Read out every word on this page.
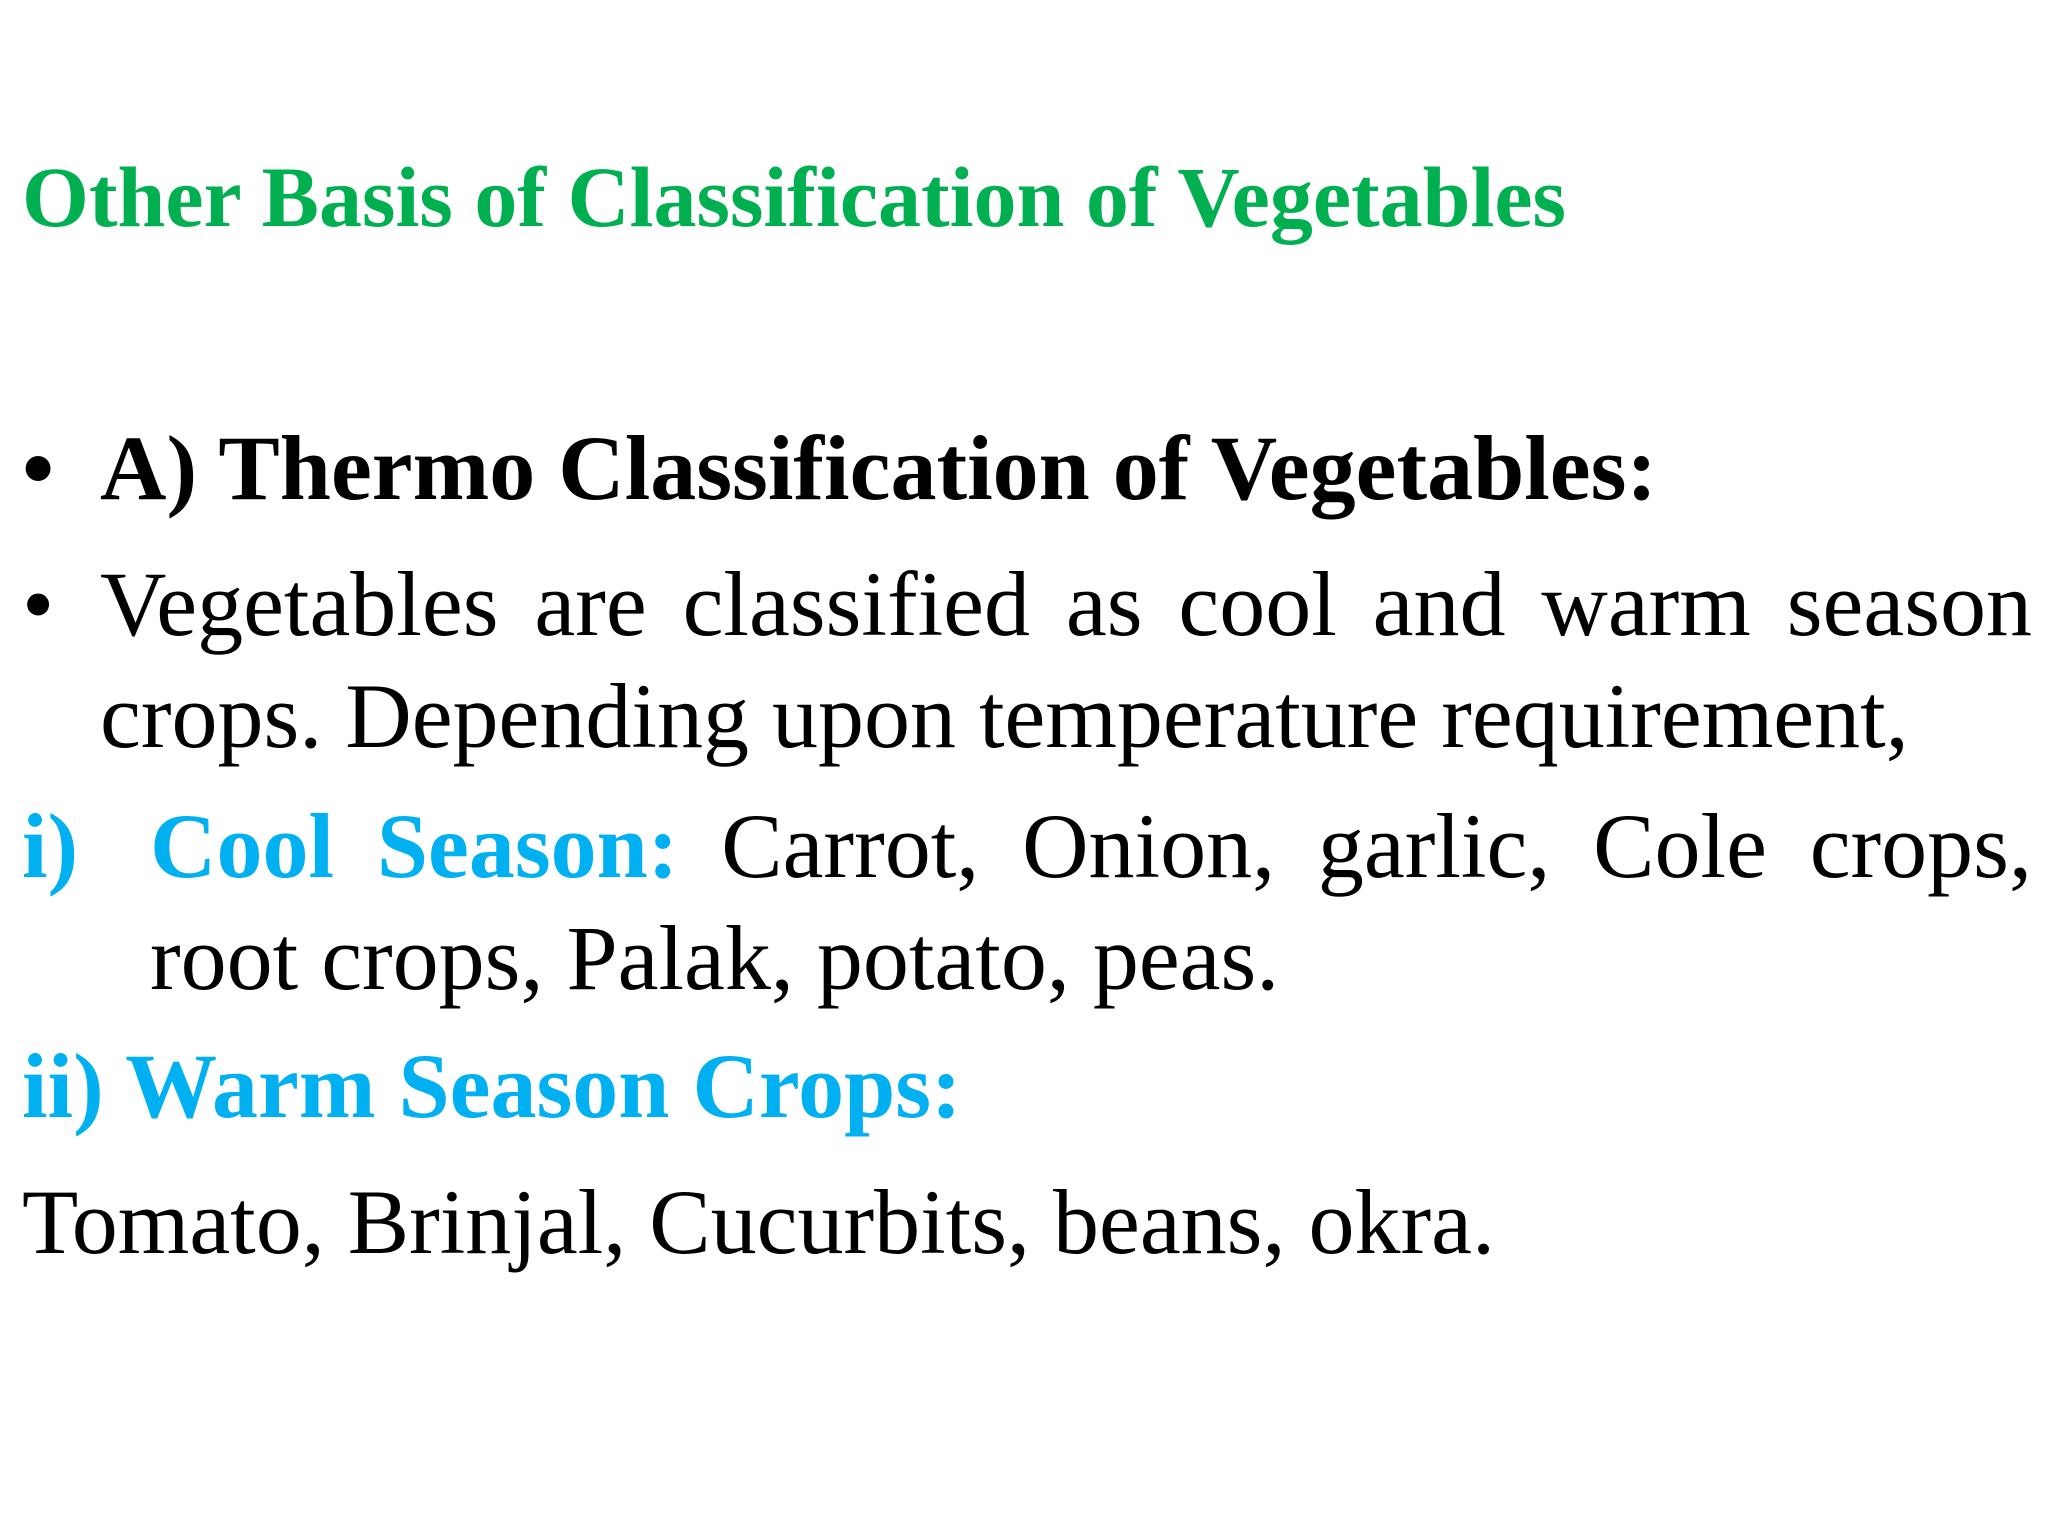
Other Basis of Classification of Vegetables
• A) Thermo Classification of Vegetables:
• Vegetables are classified as cool and warm season crops. Depending upon temperature requirement,
i) Cool Season: Carrot, Onion, garlic, Cole crops, root crops, Palak, potato, peas.
ii) Warm Season Crops:
Tomato, Brinjal, Cucurbits, beans, okra.
